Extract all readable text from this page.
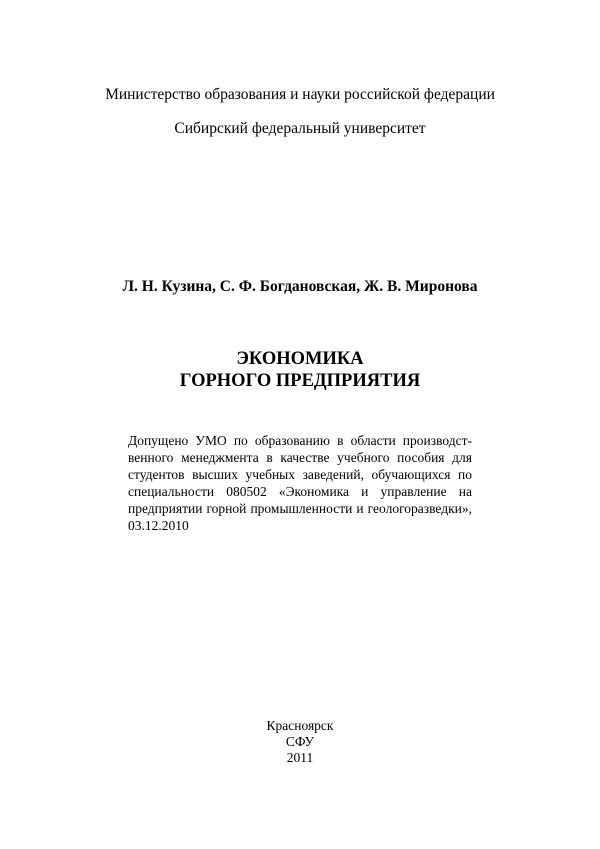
Министерство образования и науки российской федерации
Сибирский федеральный университет
Л. Н. Кузина, С. Ф. Богдановская, Ж. В. Миронова
ЭКОНОМИКА
ГОРНОГО ПРЕДПРИЯТИЯ
Допущено УМО по образованию в области производст-
венного менеджмента в качестве учебного пособия для
студентов высших учебных заведений, обучающихся по
специальности 080502 «Экономика и управление на
предприятии горной промышленности и геологоразведки»,
03.12.2010
Красноярск
СФУ
2011
